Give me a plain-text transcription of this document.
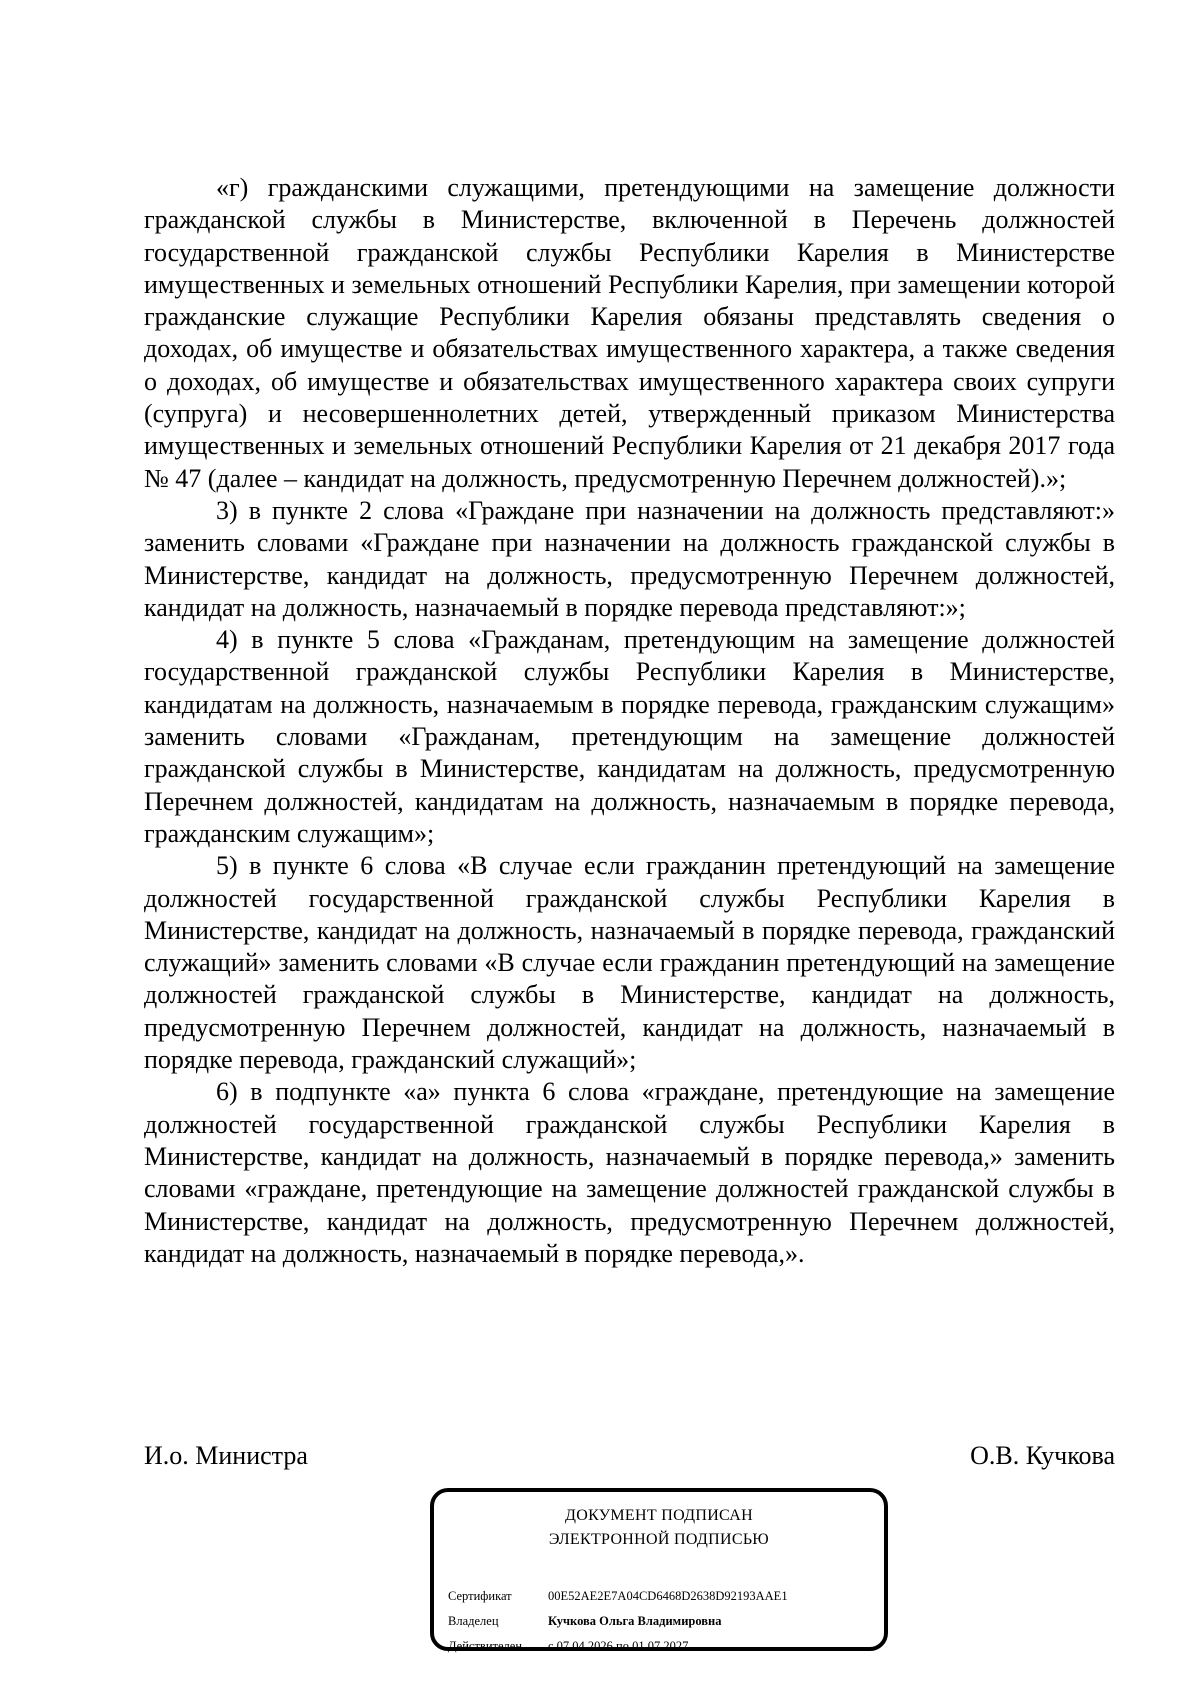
«г) гражданскими служащими, претендующими на замещение должности гражданской службы в Министерстве, включенной в Перечень должностей государственной гражданской службы Республики Карелия в Министерстве имущественных и земельных отношений Республики Карелия, при замещении которой гражданские служащие Республики Карелия обязаны представлять сведения о доходах, об имуществе и обязательствах имущественного характера, а также сведения о доходах, об имуществе и обязательствах имущественного характера своих супруги (супруга) и несовершеннолетних детей, утвержденный приказом Министерства имущественных и земельных отношений Республики Карелия от 21 декабря 2017 года № 47 (далее – кандидат на должность, предусмотренную Перечнем должностей).»;

3) в пункте 2 слова «Граждане при назначении на должность представляют:» заменить словами «Граждане при назначении на должность гражданской службы в Министерстве, кандидат на должность, предусмотренную Перечнем должностей, кандидат на должность, назначаемый в порядке перевода представляют:»;

4) в пункте 5 слова «Гражданам, претендующим на замещение должностей государственной гражданской службы Республики Карелия в Министерстве, кандидатам на должность, назначаемым в порядке перевода, гражданским служащим» заменить словами «Гражданам, претендующим на замещение должностей гражданской службы в Министерстве, кандидатам на должность, предусмотренную Перечнем должностей, кандидатам на должность, назначаемым в порядке перевода, гражданским служащим»;

5) в пункте 6 слова «В случае если гражданин претендующий на замещение должностей государственной гражданской службы Республики Карелия в Министерстве, кандидат на должность, назначаемый в порядке перевода, гражданский служащий» заменить словами «В случае если гражданин претендующий на замещение должностей гражданской службы в Министерстве, кандидат на должность, предусмотренную Перечнем должностей, кандидат на должность, назначаемый в порядке перевода, гражданский служащий»;

6) в подпункте «а» пункта 6 слова «граждане, претендующие на замещение должностей государственной гражданской службы Республики Карелия в Министерстве, кандидат на должность, назначаемый в порядке перевода,» заменить словами «граждане, претендующие на замещение должностей гражданской службы в Министерстве, кандидат на должность, предусмотренную Перечнем должностей, кандидат на должность, назначаемый в порядке перевода,».

И.о. Министра	О.В. Кучкова
ДОКУМЕНТ ПОДПИСАН
ЭЛЕКТРОННОЙ ПОДПИСЬЮ
Сертификат	00E52AE2E7A04CD6468D2638D92193AAE1
Владелец	Кучкова Ольга Владимировна
Действителен	с 07.04.2026 по 01.07.2027
